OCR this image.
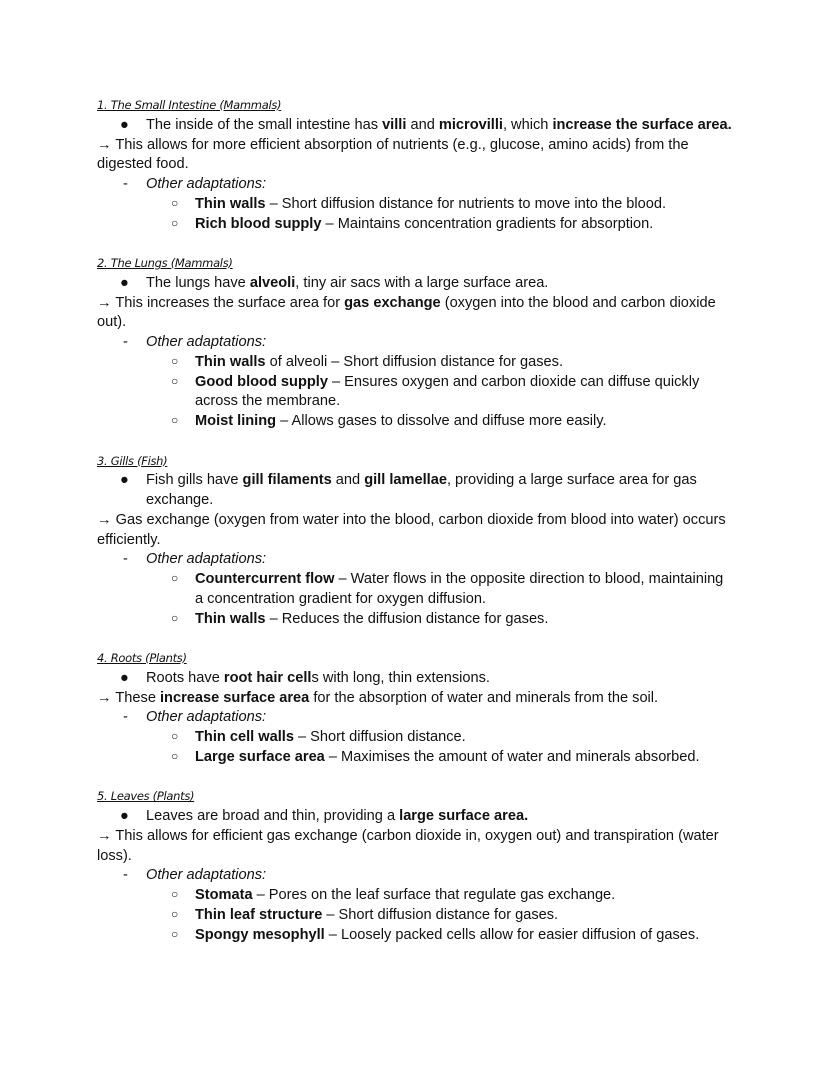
1. The Small Intestine (Mammals)
● The inside of the small intestine has villi and microvilli, which increase the surface area.
→ This allows for more efficient absorption of nutrients (e.g., glucose, amino acids) from the digested food.
- Other adaptations:
○ Thin walls – Short diffusion distance for nutrients to move into the blood.
○ Rich blood supply – Maintains concentration gradients for absorption.
2. The Lungs (Mammals)
● The lungs have alveoli, tiny air sacs with a large surface area.
→ This increases the surface area for gas exchange (oxygen into the blood and carbon dioxide out).
- Other adaptations:
○ Thin walls of alveoli – Short diffusion distance for gases.
○ Good blood supply – Ensures oxygen and carbon dioxide can diffuse quickly across the membrane.
○ Moist lining – Allows gases to dissolve and diffuse more easily.
3. Gills (Fish)
● Fish gills have gill filaments and gill lamellae, providing a large surface area for gas exchange.
→ Gas exchange (oxygen from water into the blood, carbon dioxide from blood into water) occurs efficiently.
- Other adaptations:
○ Countercurrent flow – Water flows in the opposite direction to blood, maintaining a concentration gradient for oxygen diffusion.
○ Thin walls – Reduces the diffusion distance for gases.
4. Roots (Plants)
● Roots have root hair cells with long, thin extensions.
→ These increase surface area for the absorption of water and minerals from the soil.
- Other adaptations:
○ Thin cell walls – Short diffusion distance.
○ Large surface area – Maximises the amount of water and minerals absorbed.
5. Leaves (Plants)
● Leaves are broad and thin, providing a large surface area.
→ This allows for efficient gas exchange (carbon dioxide in, oxygen out) and transpiration (water loss).
- Other adaptations:
○ Stomata – Pores on the leaf surface that regulate gas exchange.
○ Thin leaf structure – Short diffusion distance for gases.
○ Spongy mesophyll – Loosely packed cells allow for easier diffusion of gases.
